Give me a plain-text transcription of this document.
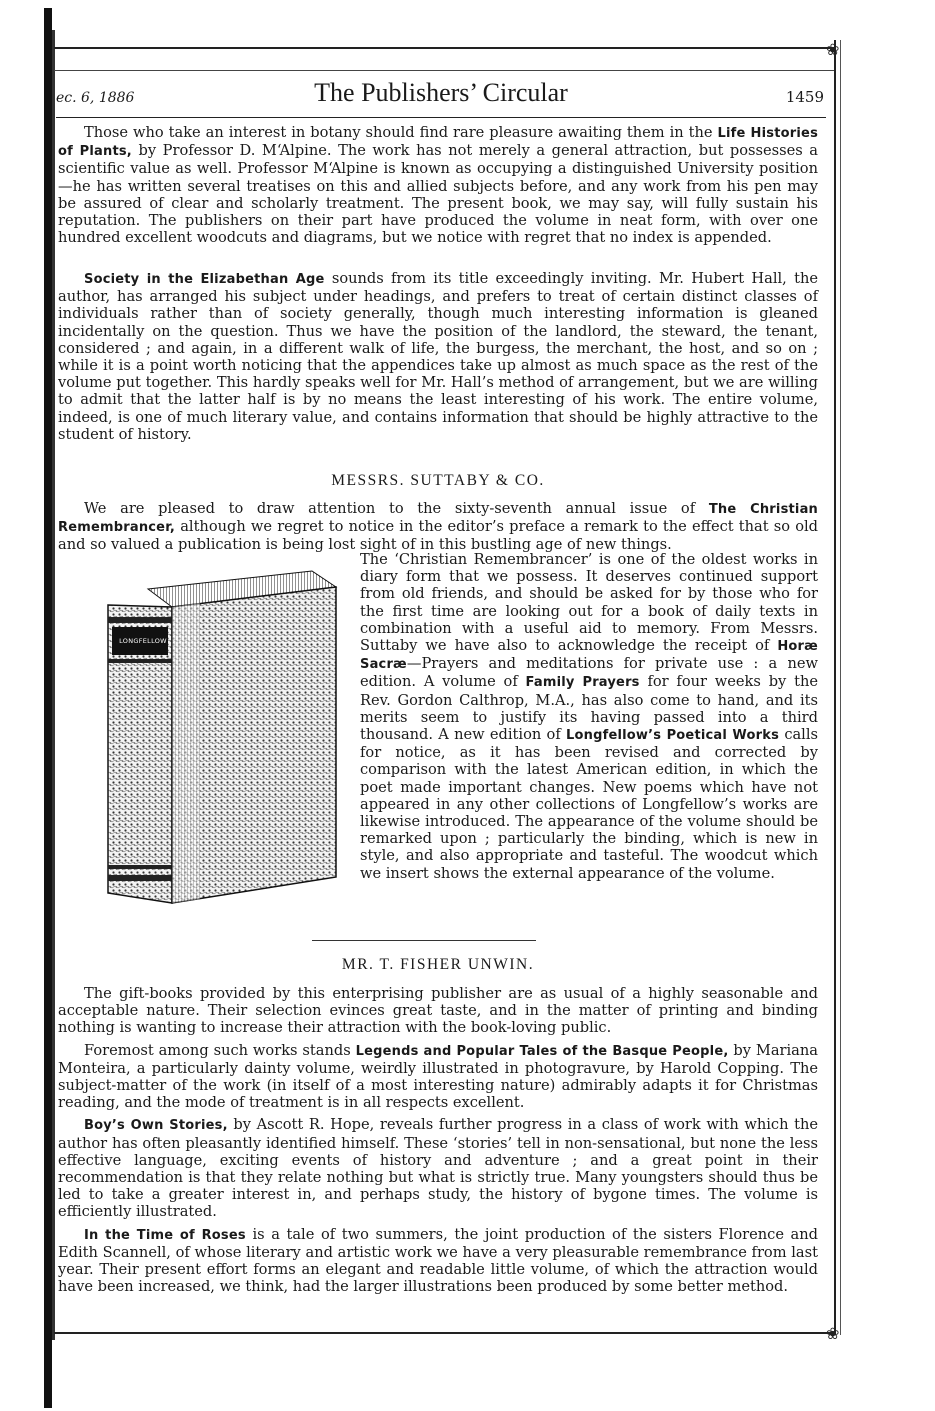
❀
❀
ec. 6, 1886	The Publishers’ Circular	1459

Those who take an interest in botany should find rare pleasure awaiting them in the Life Histories of Plants, by Professor D. M‘Alpine. The work has not merely a general attraction, but possesses a scientific value as well. Professor M‘Alpine is known as occupying a distinguished University position—he has written several treatises on this and allied subjects before, and any work from his pen may be assured of clear and scholarly treatment. The present book, we may say, will fully sustain his reputation. The publishers on their part have produced the volume in neat form, with over one hundred excellent woodcuts and diagrams, but we notice with regret that no index is appended.

Society in the Elizabethan Age sounds from its title exceedingly inviting. Mr. Hubert Hall, the author, has arranged his subject under headings, and prefers to treat of certain distinct classes of individuals rather than of society generally, though much interesting information is gleaned incidentally on the question. Thus we have the position of the landlord, the steward, the tenant, considered ; and again, in a different walk of life, the burgess, the merchant, the host, and so on ; while it is a point worth noticing that the appendices take up almost as much space as the rest of the volume put together. This hardly speaks well for Mr. Hall’s method of arrangement, but we are willing to admit that the latter half is by no means the least interesting of his work. The entire volume, indeed, is one of much literary value, and contains information that should be highly attractive to the student of history.

MESSRS. SUTTABY & CO.

We are pleased to draw attention to the sixty-seventh annual issue of The Christian Remembrancer, although we regret to notice in the editor’s preface a remark to the effect that so old and so valued a publication is being lost sight of in this bustling age of new things.

LONGFELLOW

The ‘Christian Remembrancer’ is one of the oldest works in diary form that we possess. It deserves continued support from old friends, and should be asked for by those who for the first time are looking out for a book of daily texts in combination with a useful aid to memory. From Messrs. Suttaby we have also to acknowledge the receipt of Horæ Sacræ—Prayers and meditations for private use : a new edition. A volume of Family Prayers for four weeks by the Rev. Gordon Calthrop, M.A., has also come to hand, and its merits seem to justify its having passed into a third thousand. A new edition of Longfellow’s Poetical Works calls for notice, as it has been revised and corrected by comparison with the latest American edition, in which the poet made important changes. New poems which have not appeared in any other collections of Longfellow’s works are likewise introduced. The appearance of the volume should be remarked upon ; particularly the binding, which is new in style, and also appropriate and tasteful. The woodcut which we insert shows the external appearance of the volume.

MR. T. FISHER UNWIN.

The gift-books provided by this enterprising publisher are as usual of a highly seasonable and acceptable nature. Their selection evinces great taste, and in the matter of printing and binding nothing is wanting to increase their attraction with the book-loving public.

Foremost among such works stands Legends and Popular Tales of the Basque People, by Mariana Monteira, a particularly dainty volume, weirdly illustrated in photogravure, by Harold Copping. The subject-matter of the work (in itself of a most interesting nature) admirably adapts it for Christmas reading, and the mode of treatment is in all respects excellent.

Boy’s Own Stories, by Ascott R. Hope, reveals further progress in a class of work with which the author has often pleasantly identified himself. These ‘stories’ tell in non-sensational, but none the less effective language, exciting events of history and adventure ; and a great point in their recommendation is that they relate nothing but what is strictly true. Many youngsters should thus be led to take a greater interest in, and perhaps study, the history of bygone times. The volume is efficiently illustrated.

In the Time of Roses is a tale of two summers, the joint production of the sisters Florence and Edith Scannell, of whose literary and artistic work we have a very pleasurable remembrance from last year. Their present effort forms an elegant and readable little volume, of which the attraction would have been increased, we think, had the larger illustrations been produced by some better method.
